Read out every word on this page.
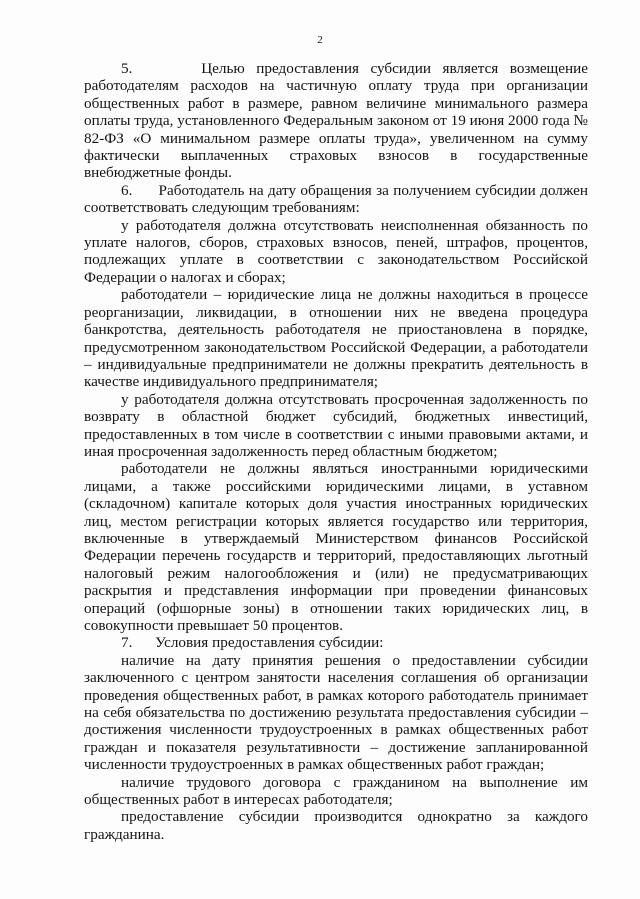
2

5.      Целью предоставления субсидии является возмещение работодателям расходов на частичную оплату труда при организации общественных работ в размере, равном величине минимального размера оплаты труда, установленного Федеральным законом от 19 июня 2000 года № 82-ФЗ «О минимальном размере оплаты труда», увеличенном на сумму фактически выплаченных страховых взносов в государственные внебюджетные фонды.

6.      Работодатель на дату обращения за получением субсидии должен соответствовать следующим требованиям:

у работодателя должна отсутствовать неисполненная обязанность по уплате налогов, сборов, страховых взносов, пеней, штрафов, процентов, подлежащих уплате в соответствии с законодательством Российской Федерации о налогах и сборах;

работодатели – юридические лица не должны находиться в процессе реорганизации, ликвидации, в отношении них не введена процедура банкротства, деятельность работодателя не приостановлена в порядке, предусмотренном законодательством Российской Федерации, а работодатели – индивидуальные предприниматели не должны прекратить деятельность в качестве индивидуального предпринимателя;

у работодателя должна отсутствовать просроченная задолженность по возврату в областной бюджет субсидий, бюджетных инвестиций, предоставленных в том числе в соответствии с иными правовыми актами, и иная просроченная задолженность перед областным бюджетом;

работодатели не должны являться иностранными юридическими лицами, а также российскими юридическими лицами, в уставном (складочном) капитале которых доля участия иностранных юридических лиц, местом регистрации которых является государство или территория, включенные в утверждаемый Министерством финансов Российской Федерации перечень государств и территорий, предоставляющих льготный налоговый режим налогообложения и (или) не предусматривающих раскрытия и представления информации при проведении финансовых операций (офшорные зоны) в отношении таких юридических лиц, в совокупности превышает 50 процентов.

7.      Условия предоставления субсидии:

наличие на дату принятия решения о предоставлении субсидии заключенного с центром занятости населения соглашения об организации проведения общественных работ, в рамках которого работодатель принимает на себя обязательства по достижению результата предоставления субсидии – достижения численности трудоустроенных в рамках общественных работ граждан и показателя результативности – достижение запланированной численности трудоустроенных в рамках общественных работ граждан;

наличие трудового договора с гражданином на выполнение им общественных работ в интересах работодателя;

предоставление субсидии производится однократно за каждого гражданина.
